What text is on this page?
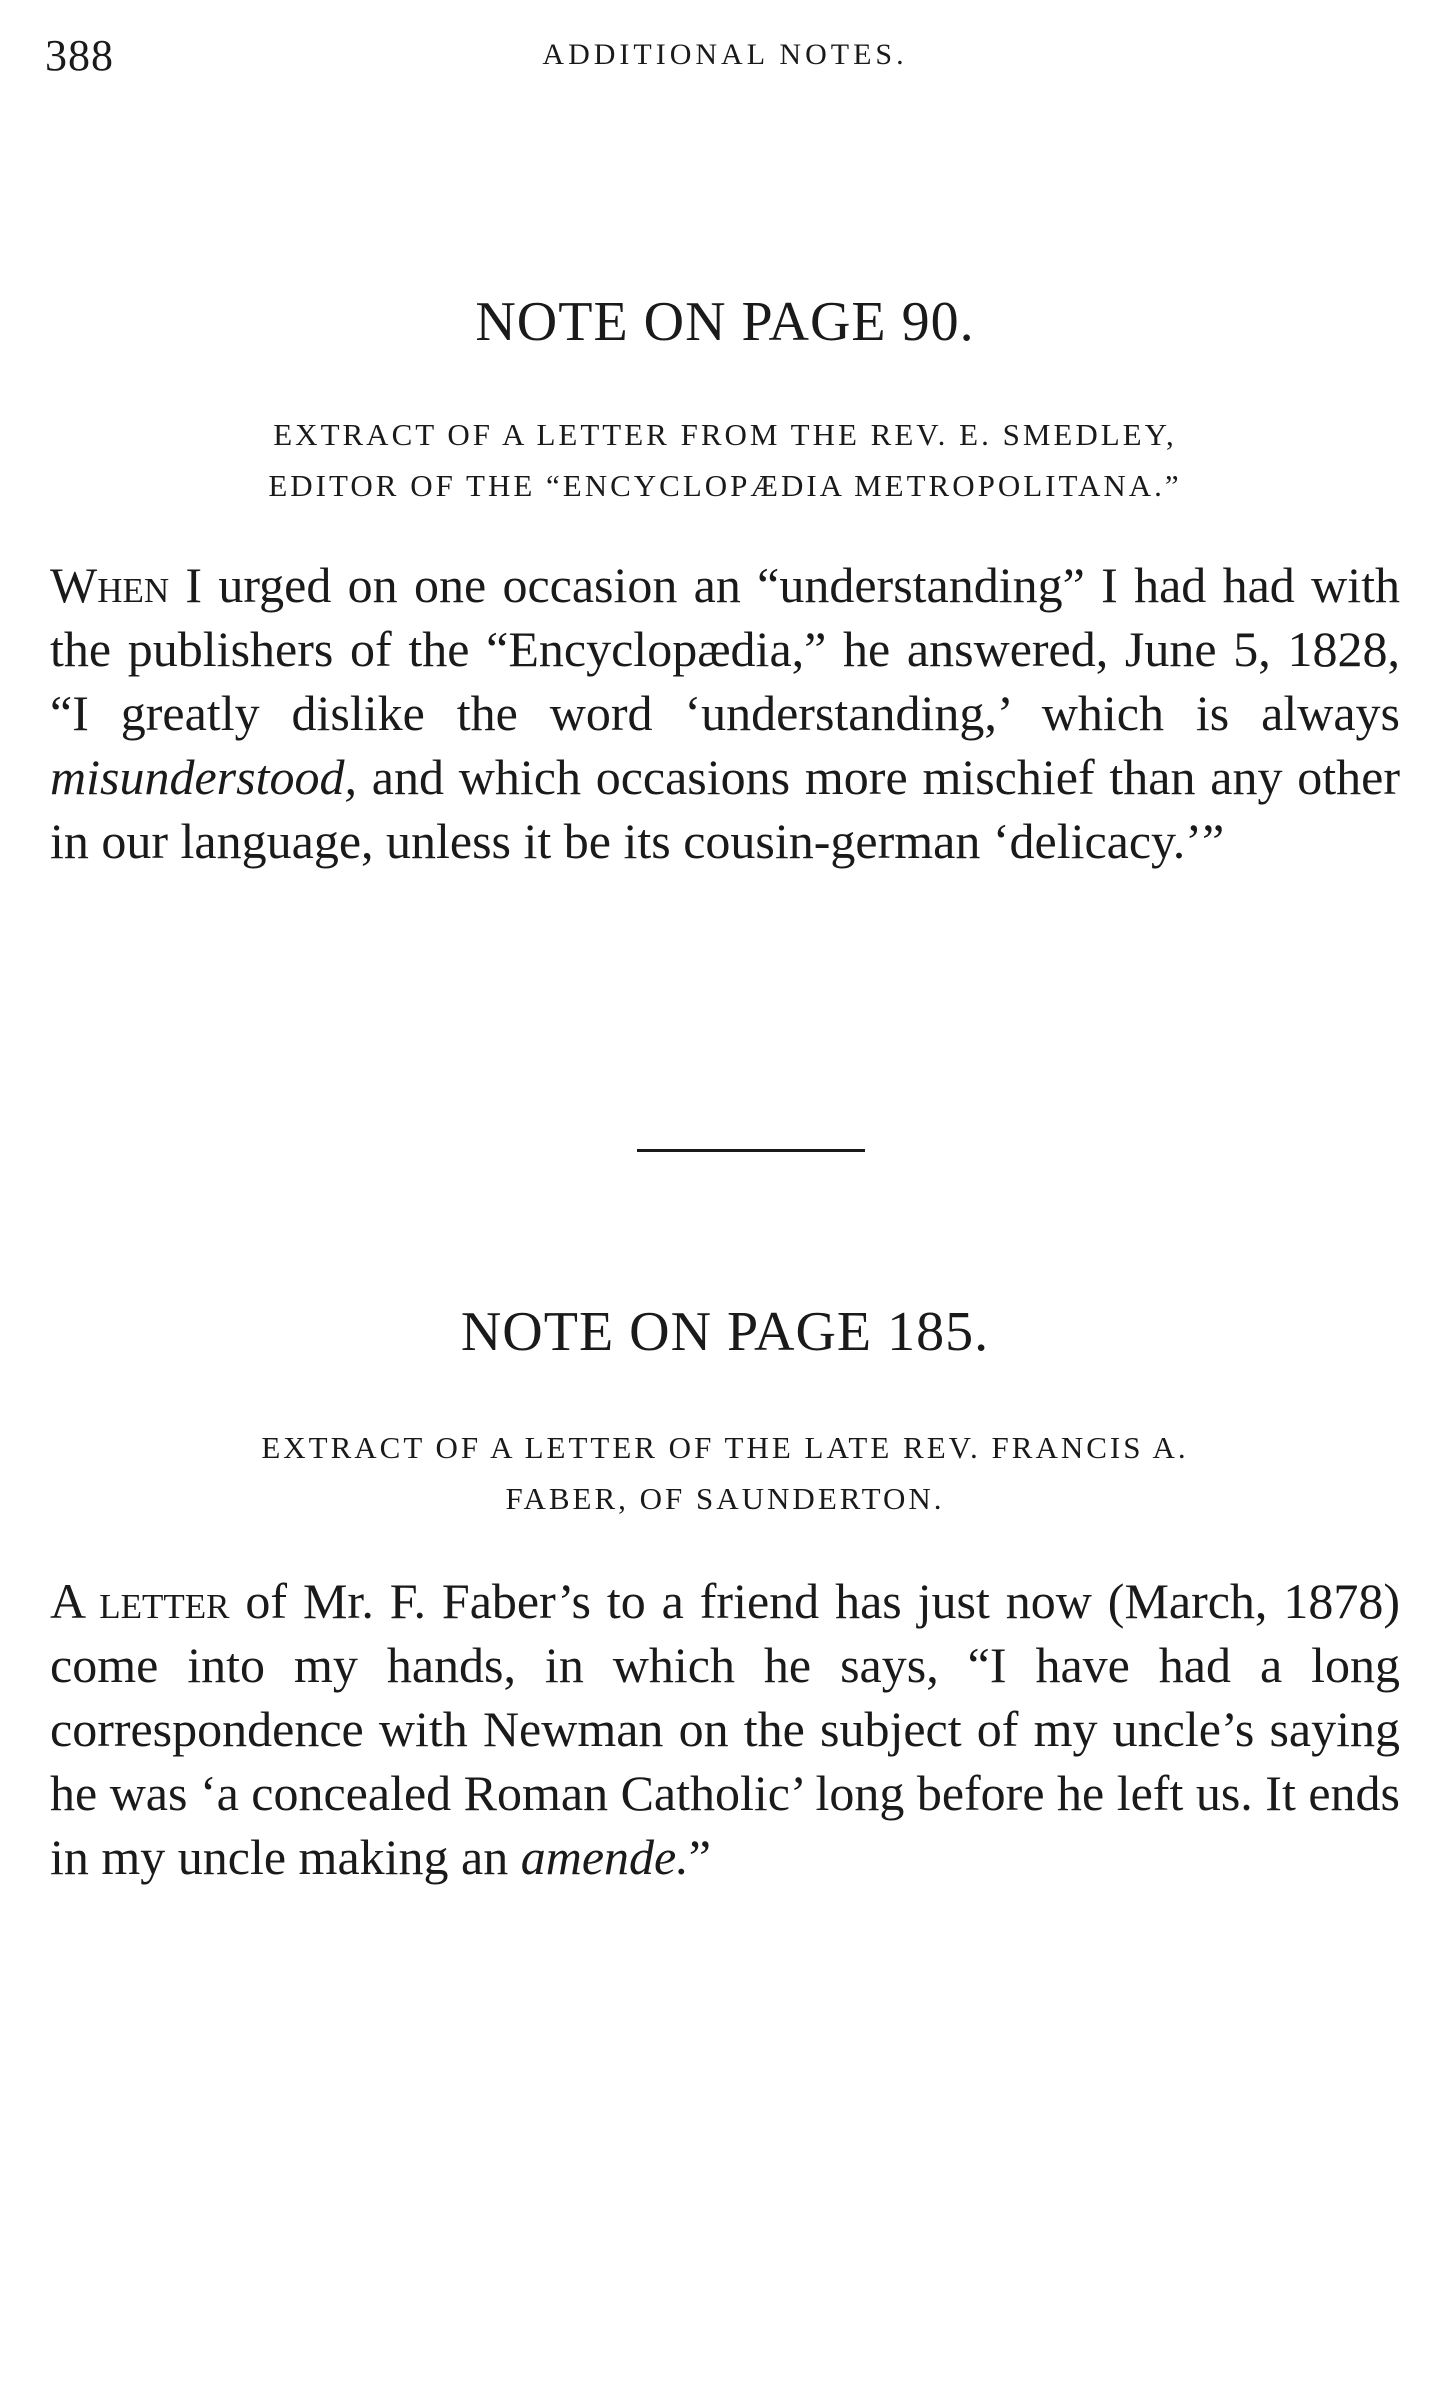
388	ADDITIONAL NOTES.
NOTE ON PAGE 90.
EXTRACT OF A LETTER FROM THE REV. E. SMEDLEY,
EDITOR OF THE “ENCYCLOPÆDIA METROPOLITANA.”

When I urged on one occasion an “understanding” I had had with the publishers of the “Encyclopædia,” he answered, June 5, 1828, “I greatly dislike the word ‘understanding,’ which is always misunderstood, and which occasions more mischief than any other in our language, unless it be its cousin-german ‘delicacy.’”

NOTE ON PAGE 185.
EXTRACT OF A LETTER OF THE LATE REV. FRANCIS A.
FABER, OF SAUNDERTON.

A letter of Mr. F. Faber’s to a friend has just now (March, 1878) come into my hands, in which he says, “I have had a long correspondence with Newman on the subject of my uncle’s saying he was ‘a concealed Roman Catholic’ long before he left us. It ends in my uncle making an amende.”
